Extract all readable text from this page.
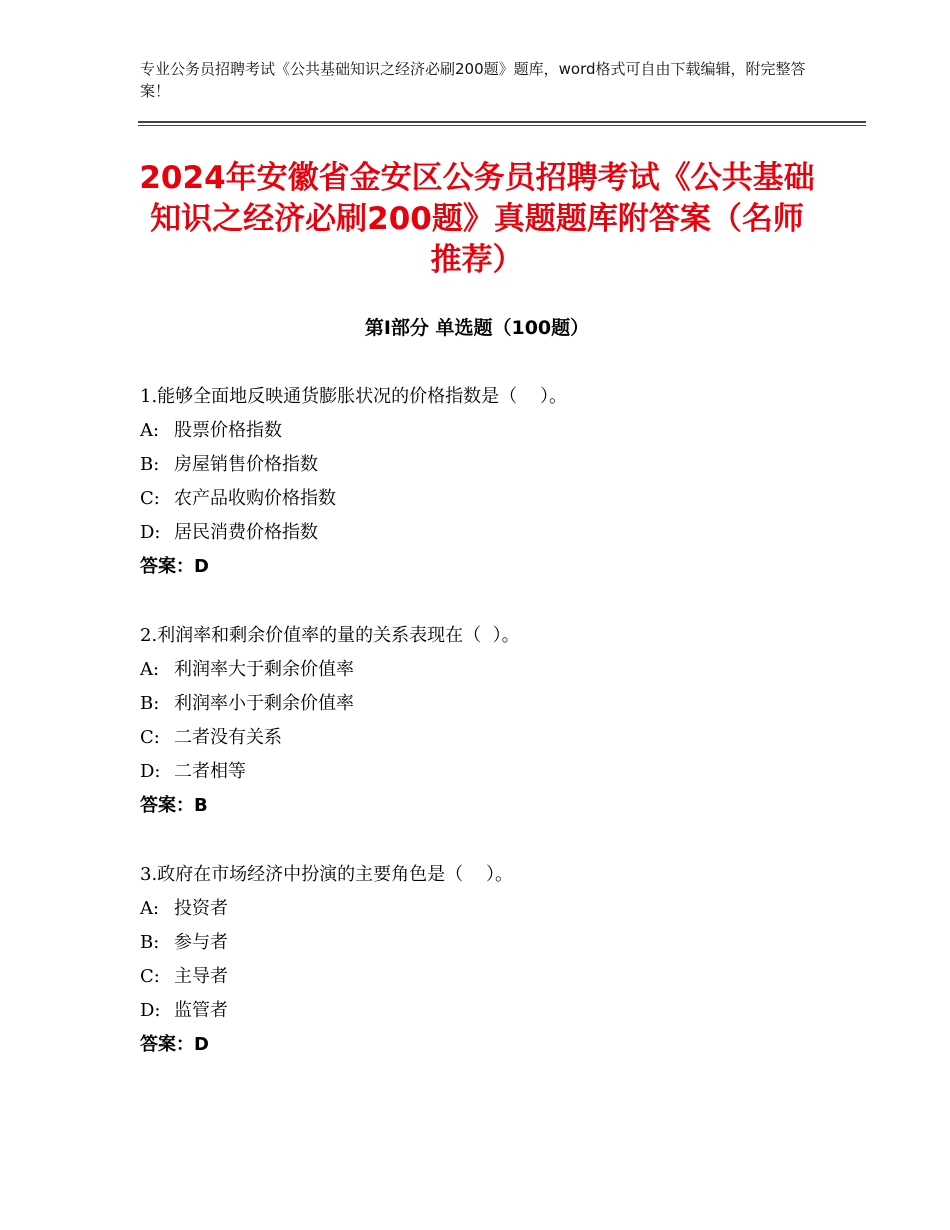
专业公务员招聘考试《公共基础知识之经济必刷200题》题库，word格式可自由下载编辑，附完整答案！
2024年安徽省金安区公务员招聘考试《公共基础知识之经济必刷200题》真题题库附答案（名师推荐）
第Ⅰ部分 单选题（100题）
1.能够全面地反映通货膨胀状况的价格指数是（    ）。
A: 股票价格指数
B: 房屋销售价格指数
C: 农产品收购价格指数
D: 居民消费价格指数
答案：D
2.利润率和剩余价值率的量的关系表现在（  ）。
A: 利润率大于剩余价值率
B: 利润率小于剩余价值率
C: 二者没有关系
D: 二者相等
答案：B
3.政府在市场经济中扮演的主要角色是（    ）。
A: 投资者
B: 参与者
C: 主导者
D: 监管者
答案：D
